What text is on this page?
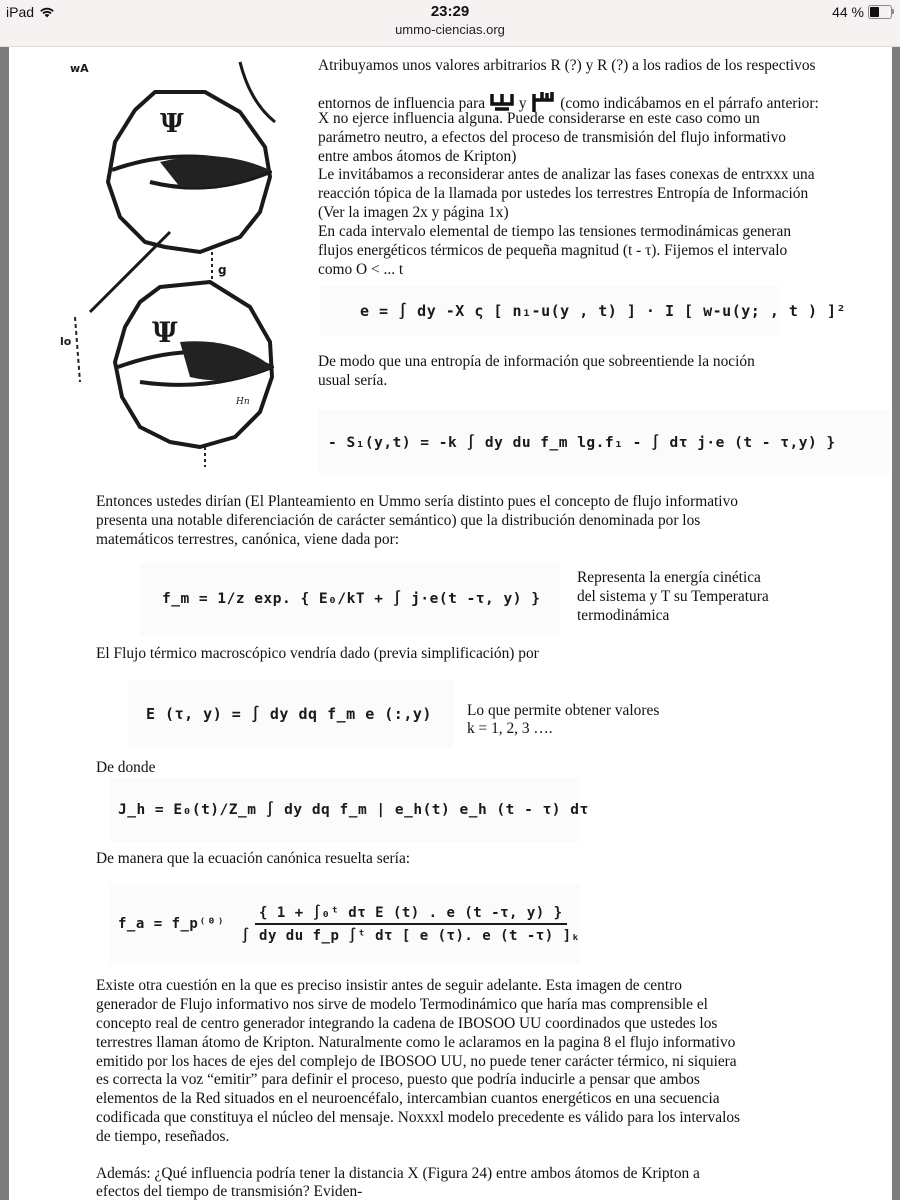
iPad	23:29
ummo-ciencias.org
44 %
Ψ
g
Ψ
lo
Hn
wA	Atribuyamos unos valores arbitrarios R (?) y R (?) a los radios de los respectivos
entornos de influencia para y (como indicábamos en el párrafo anterior:
X no ejerce influencia alguna. Puede considerarse en este caso como un
parámetro neutro, a efectos del proceso de transmisión del flujo informativo
entre ambos átomos de Kripton)
Le invitábamos a reconsiderar antes de analizar las fases conexas de entrxxx una
reacción tópica de la llamada por ustedes los terrestres Entropía de Información
(Ver la imagen 2x y página 1x)
En cada intervalo elemental de tiempo las tensiones termodinámicas generan
flujos energéticos térmicos de pequeña magnitud (t - τ). Fijemos el intervalo
como O < ... t
e = ∫ dy -X ς [ n₁-u(y , t) ] · I [ w-u(y; , t ) ]²
De modo que una entropía de información que sobreentiende la noción
usual sería.
- S₁(y,t) = -k ∫ dy du f_m lg.f₁ - ∫ dτ j·e (t - τ,y) }
Entonces ustedes dirían (El Planteamiento en Ummo sería distinto pues el concepto de flujo informativo
presenta una notable diferenciación de carácter semántico) que la distribución denominada por los
matemáticos terrestres, canónica, viene dada por:
f_m = 1/z exp. { E₀/kT + ∫ j·e(t -τ, y) }
Representa la energía cinética
del sistema y T su Temperatura
termodinámica
El Flujo térmico macroscópico vendría dado (previa simplificación) por
E (τ, y) = ∫ dy dq f_m e (:,y)	Lo que permite obtener valores
k = 1, 2, 3 ….
De donde
J_h = E₀(t)/Z_m ∫ dy dq f_m | e_h(t) e_h (t - τ) dτ
De manera que la ecuación canónica resuelta sería:
f_a = f_p⁽⁰⁾ $\frac{\text{\{ 1 + ∫₀ᵗ dτ E (t) . e (t -τ, y) \}}}{\text{∫ dy du f\_p ∫ᵗ dτ [ e (τ). e (t -τ) ]ₖ}}$
Existe otra cuestión en la que es preciso insistir antes de seguir adelante. Esta imagen de centro
generador de Flujo informativo nos sirve de modelo Termodinámico que haría mas comprensible el
concepto real de centro generador integrando la cadena de IBOSOO UU coordinados que ustedes los
terrestres llaman átomo de Kripton. Naturalmente como le aclaramos en la pagina 8 el flujo informativo
emitido por los haces de ejes del complejo de IBOSOO UU, no puede tener carácter térmico, ni siquiera
es correcta la voz “emitir” para definir el proceso, puesto que podría inducirle a pensar que ambos
elementos de la Red situados en el neuroencéfalo, intercambian cuantos energéticos en una secuencia
codificada que constituya el núcleo del mensaje. Noxxxl modelo precedente es válido para los intervalos
de tiempo, reseñados.
Además: ¿Qué influencia podría tener la distancia X (Figura 24) entre ambos átomos de Kripton a
efectos del tiempo de transmisión? Eviden-
